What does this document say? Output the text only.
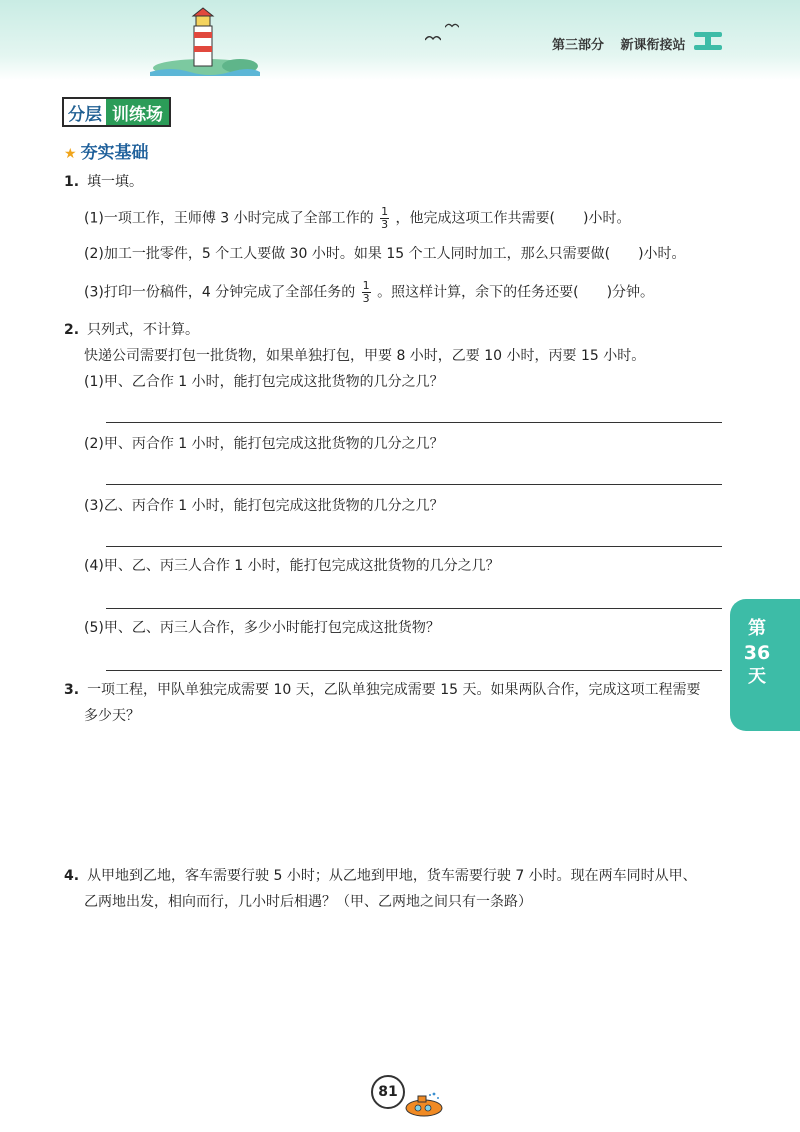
第三部分 新课衔接站
分层 训练场
★ 夯实基础
1. 填一填。
(1)一项工作，王师傅 3 小时完成了全部工作的 $\frac{1}{3}$ ，他完成这项工作共需要( )小时。
(2)加工一批零件，5 个工人要做 30 小时。如果 15 个工人同时加工，那么只需要做( )小时。
(3)打印一份稿件，4 分钟完成了全部任务的 $\frac{1}{3}$ 。照这样计算，余下的任务还要( )分钟。
2. 只列式，不计算。
快递公司需要打包一批货物，如果单独打包，甲要 8 小时，乙要 10 小时，丙要 15 小时。
(1)甲、乙合作 1 小时，能打包完成这批货物的几分之几？
(2)甲、丙合作 1 小时，能打包完成这批货物的几分之几？
(3)乙、丙合作 1 小时，能打包完成这批货物的几分之几？
(4)甲、乙、丙三人合作 1 小时，能打包完成这批货物的几分之几？
(5)甲、乙、丙三人合作，多少小时能打包完成这批货物？
3. 一项工程，甲队单独完成需要 10 天，乙队单独完成需要 15 天。如果两队合作，完成这项工程需要
多少天？
4. 从甲地到乙地，客车需要行驶 5 小时；从乙地到甲地，货车需要行驶 7 小时。现在两车同时从甲、
乙两地出发，相向而行，几小时后相遇？（甲、乙两地之间只有一条路）
第
36
天
81
